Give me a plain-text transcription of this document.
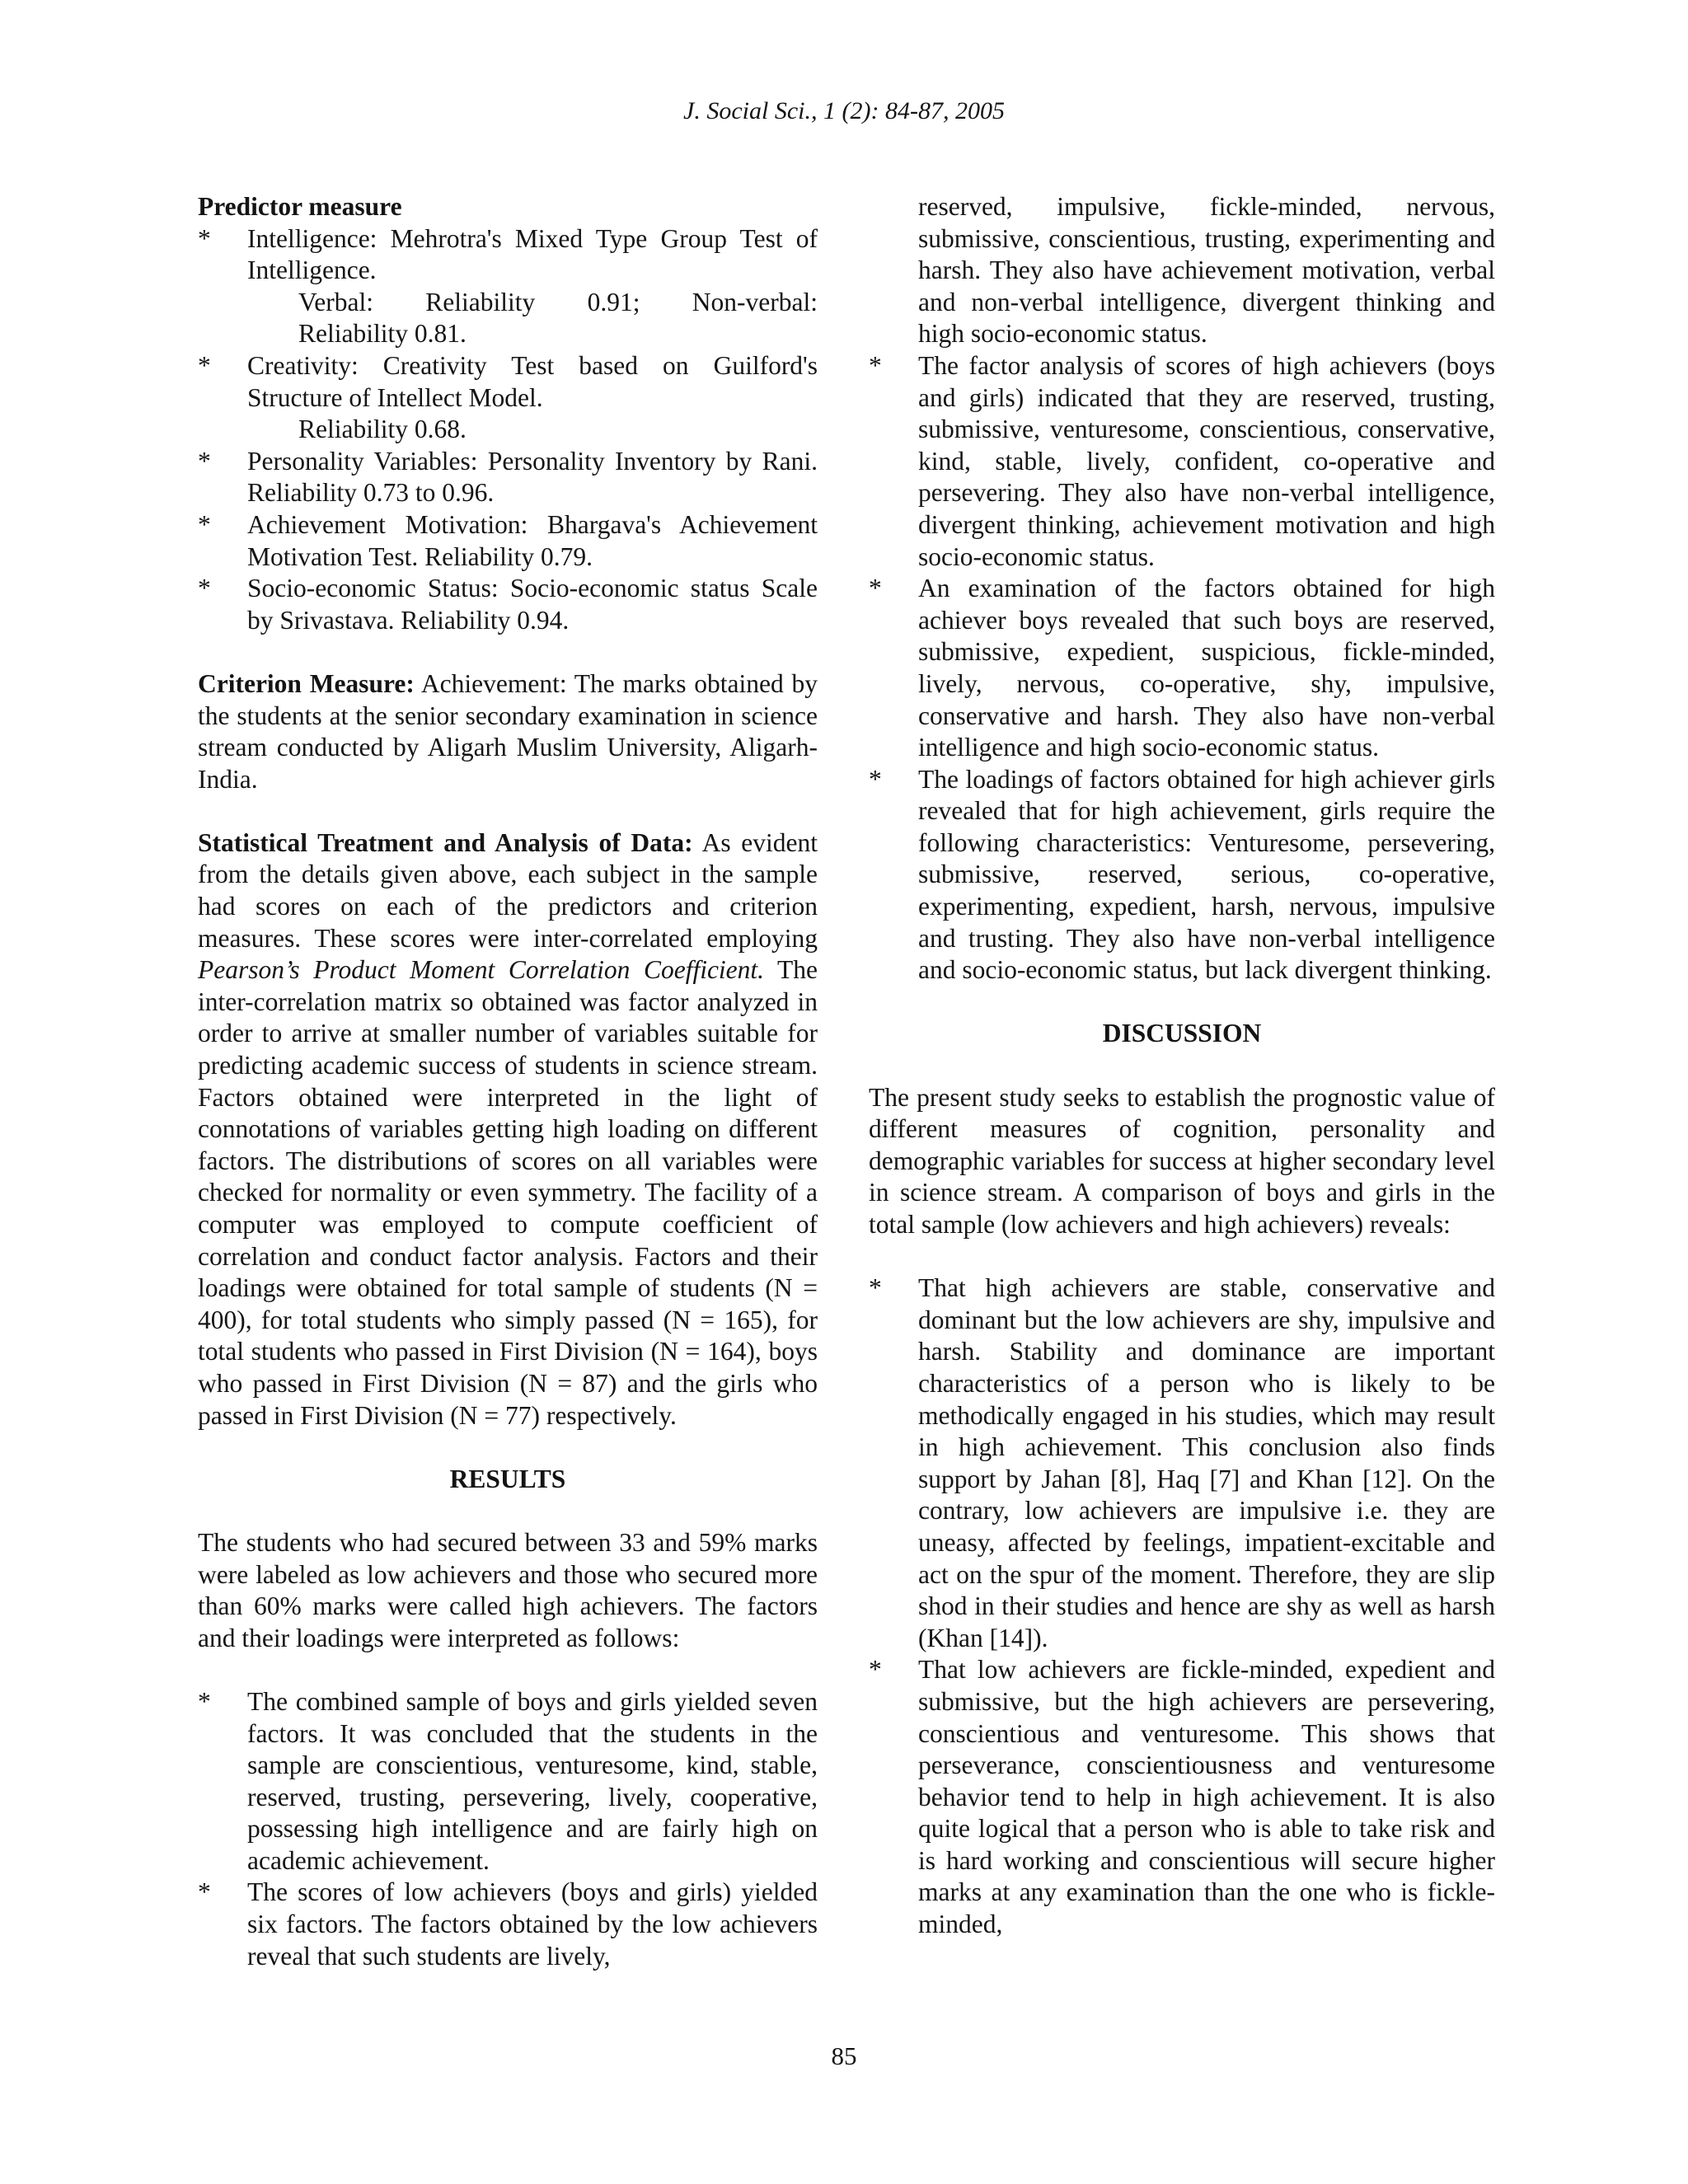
J. Social Sci., 1 (2): 84-87, 2005

Predictor measure

* Intelligence: Mehrotra's Mixed Type Group Test of Intelligence.
Verbal: Reliability 0.91; Non-verbal:
Reliability 0.81.
* Creativity: Creativity Test based on Guilford's Structure of Intellect Model.
Reliability 0.68.
* Personality Variables: Personality Inventory by Rani. Reliability 0.73 to 0.96.
* Achievement Motivation: Bhargava's Achievement Motivation Test. Reliability 0.79.
* Socio-economic Status: Socio-economic status Scale by Srivastava. Reliability 0.94.

Criterion Measure: Achievement: The marks obtained by the students at the senior secondary examination in science stream conducted by Aligarh Muslim University, Aligarh-India.

Statistical Treatment and Analysis of Data: As evident from the details given above, each subject in the sample had scores on each of the predictors and criterion measures. These scores were inter-correlated employing Pearson’s Product Moment Correlation Coefficient. The inter-correlation matrix so obtained was factor analyzed in order to arrive at smaller number of variables suitable for predicting academic success of students in science stream. Factors obtained were interpreted in the light of connotations of variables getting high loading on different factors. The distributions of scores on all variables were checked for normality or even symmetry. The facility of a computer was employed to compute coefficient of correlation and conduct factor analysis. Factors and their loadings were obtained for total sample of students (N = 400), for total students who simply passed (N = 165), for total students who passed in First Division (N = 164), boys who passed in First Division (N = 87) and the girls who passed in First Division (N = 77) respectively.

RESULTS

The students who had secured between 33 and 59% marks were labeled as low achievers and those who secured more than 60% marks were called high achievers. The factors and their loadings were interpreted as follows:

* The combined sample of boys and girls yielded seven factors. It was concluded that the students in the sample are conscientious, venturesome, kind, stable, reserved, trusting, persevering, lively, cooperative, possessing high intelligence and are fairly high on academic achievement.
* The scores of low achievers (boys and girls) yielded six factors. The factors obtained by the low achievers reveal that such students are lively,
reserved, impulsive, fickle-minded, nervous, submissive, conscientious, trusting, experimenting and harsh. They also have achievement motivation, verbal and non-verbal intelligence, divergent thinking and high socio-economic status.
* The factor analysis of scores of high achievers (boys and girls) indicated that they are reserved, trusting, submissive, venturesome, conscientious, conservative, kind, stable, lively, confident, co-operative and persevering. They also have non-verbal intelligence, divergent thinking, achievement motivation and high socio-economic status.
* An examination of the factors obtained for high achiever boys revealed that such boys are reserved, submissive, expedient, suspicious, fickle-minded, lively, nervous, co-operative, shy, impulsive, conservative and harsh. They also have non-verbal intelligence and high socio-economic status.
* The loadings of factors obtained for high achiever girls revealed that for high achievement, girls require the following characteristics: Venturesome, persevering, submissive, reserved, serious, co-operative, experimenting, expedient, harsh, nervous, impulsive and trusting. They also have non-verbal intelligence and socio-economic status, but lack divergent thinking.

DISCUSSION

The present study seeks to establish the prognostic value of different measures of cognition, personality and demographic variables for success at higher secondary level in science stream. A comparison of boys and girls in the total sample (low achievers and high achievers) reveals:

* That high achievers are stable, conservative and dominant but the low achievers are shy, impulsive and harsh. Stability and dominance are important characteristics of a person who is likely to be methodically engaged in his studies, which may result in high achievement. This conclusion also finds support by Jahan [8], Haq [7] and Khan [12]. On the contrary, low achievers are impulsive i.e. they are uneasy, affected by feelings, impatient-excitable and act on the spur of the moment. Therefore, they are slip shod in their studies and hence are shy as well as harsh (Khan [14]).
* That low achievers are fickle-minded, expedient and submissive, but the high achievers are persevering, conscientious and venturesome. This shows that perseverance, conscientiousness and venturesome behavior tend to help in high achievement. It is also quite logical that a person who is able to take risk and is hard working and conscientious will secure higher marks at any examination than the one who is fickle-minded,
85
